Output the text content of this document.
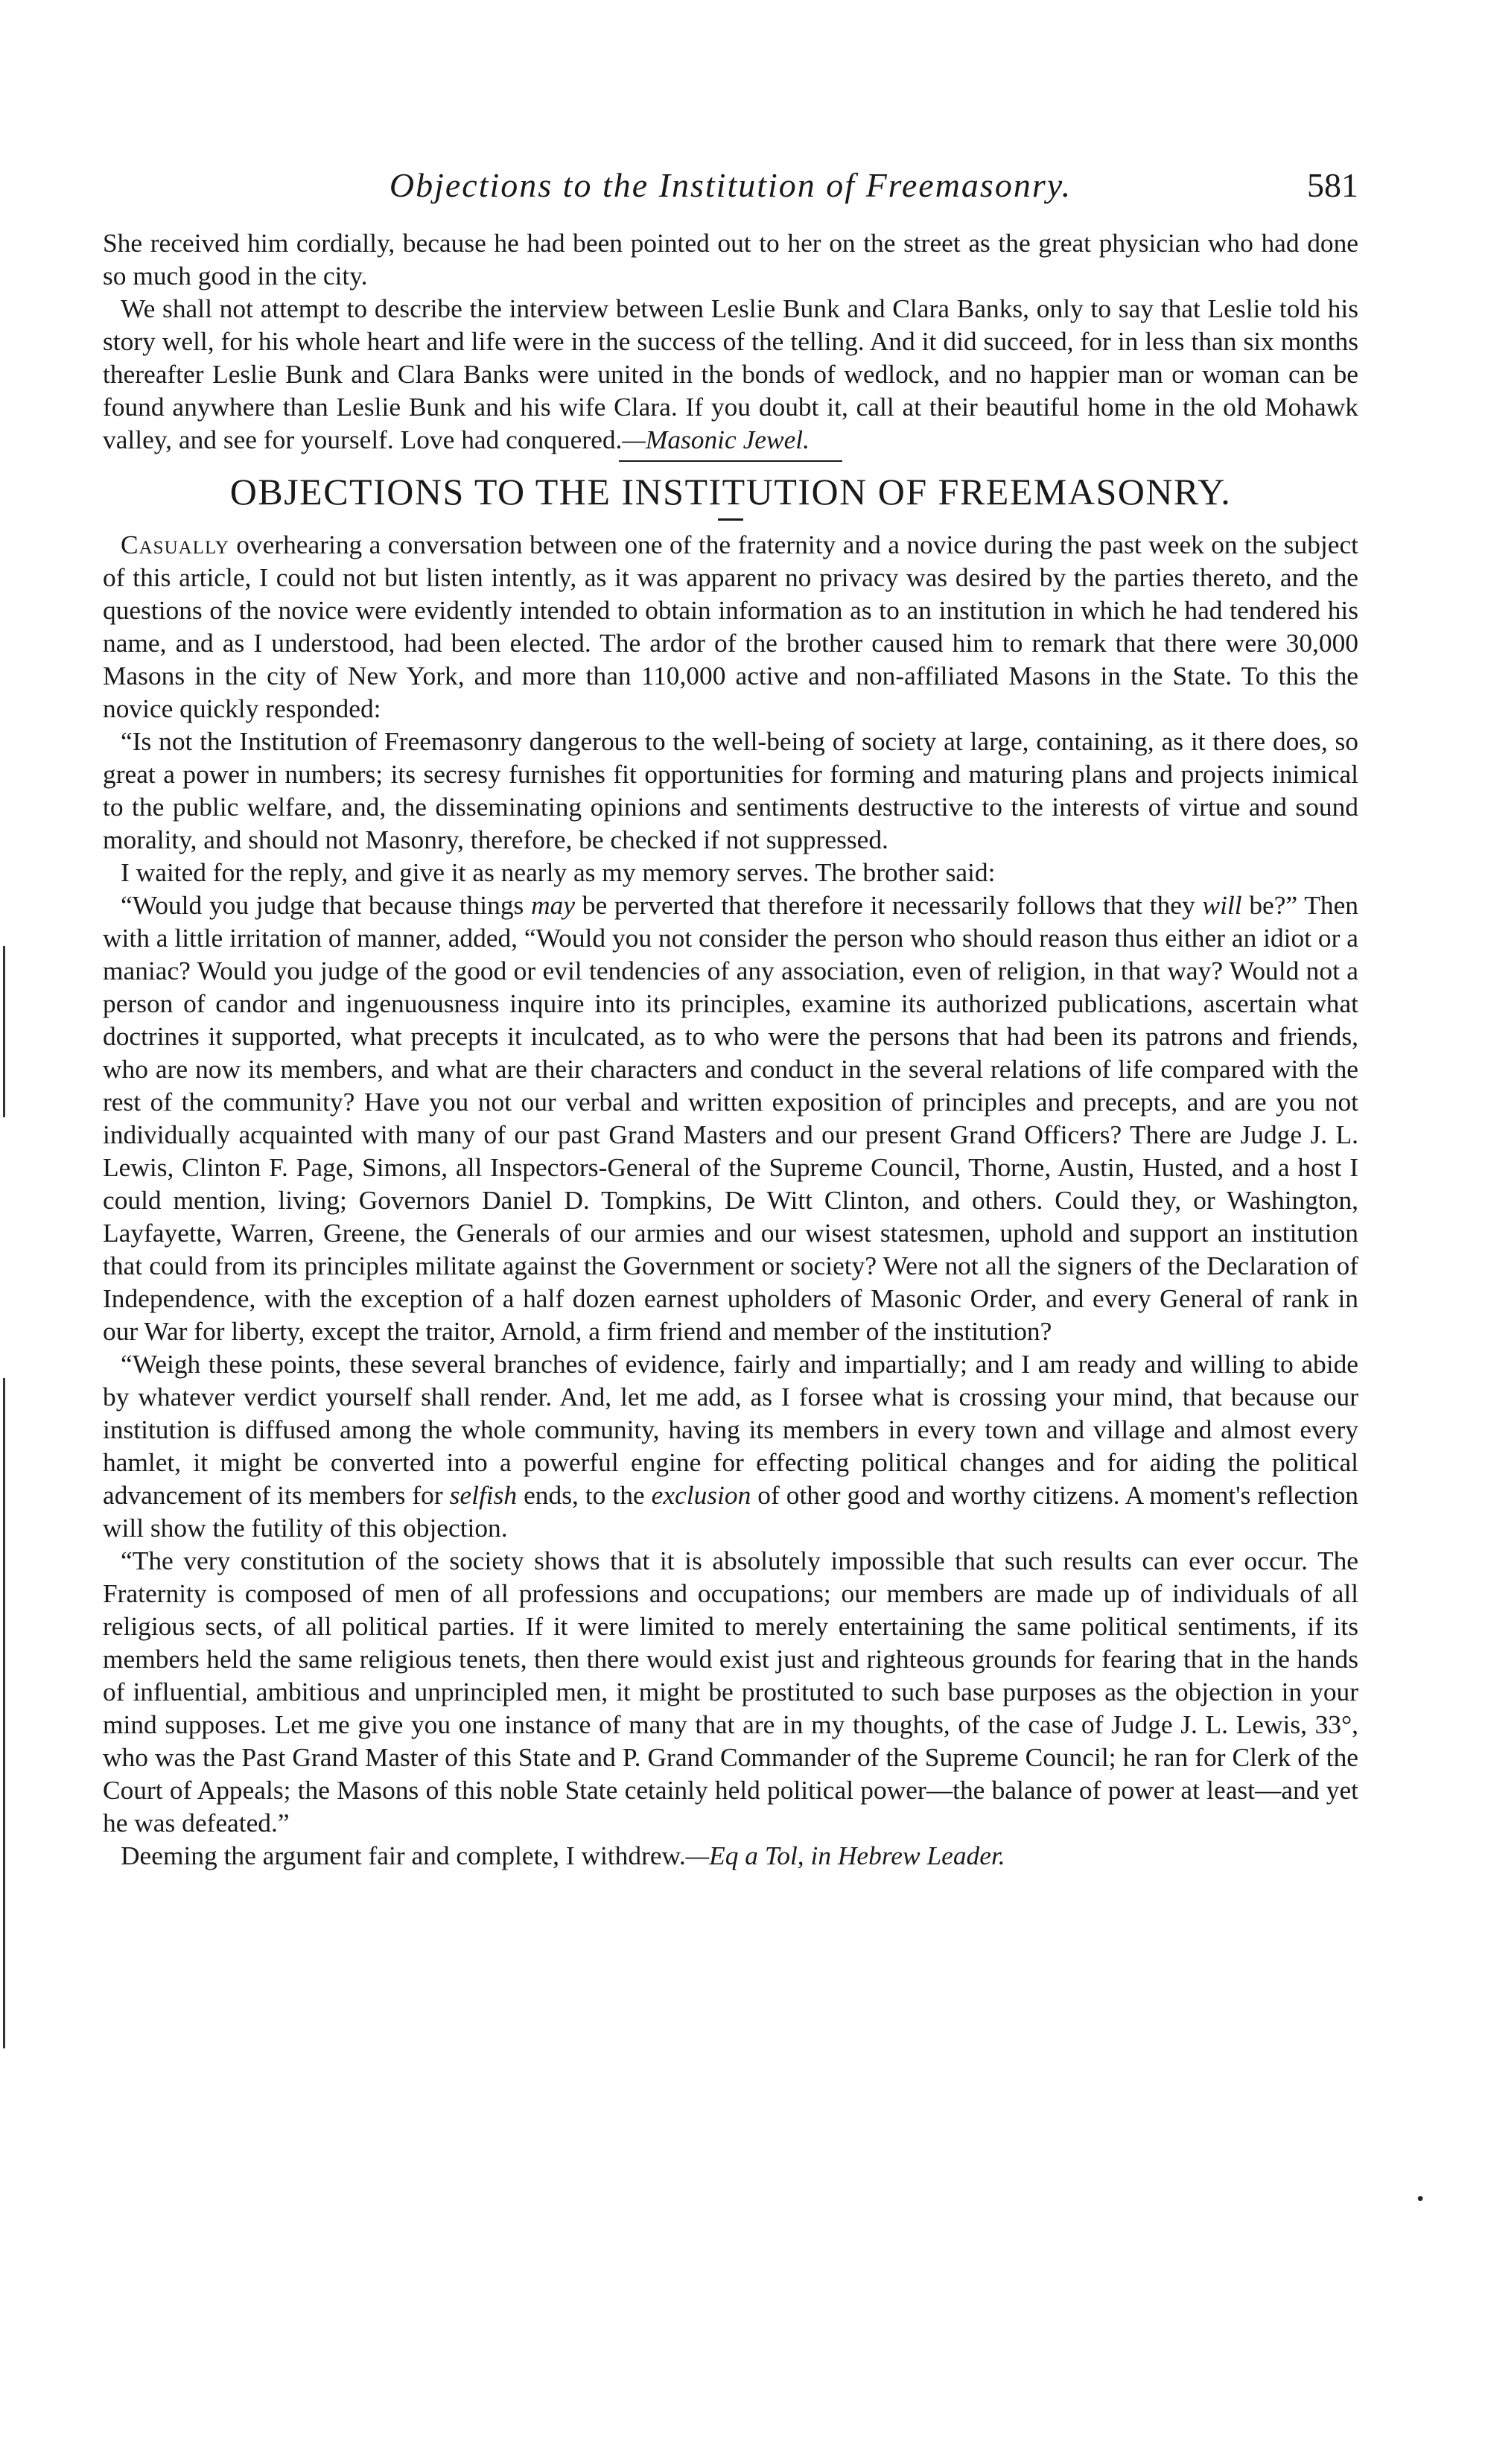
Objections to the Institution of Freemasonry.	581
•

She received him cordially, because he had been pointed out to her on the street as the great physician who had done so much good in the city.

We shall not attempt to describe the interview between Leslie Bunk and Clara Banks, only to say that Leslie told his story well, for his whole heart and life were in the success of the telling. And it did succeed, for in less than six months thereafter Leslie Bunk and Clara Banks were united in the bonds of wedlock, and no happier man or woman can be found anywhere than Leslie Bunk and his wife Clara. If you doubt it, call at their beautiful home in the old Mohawk valley, and see for yourself. Love had conquered.—Masonic Jewel.

OBJECTIONS TO THE INSTITUTION OF FREEMASONRY.

Casually overhearing a conversation between one of the fraternity and a novice during the past week on the subject of this article, I could not but listen intently, as it was apparent no privacy was desired by the parties thereto, and the questions of the novice were evidently intended to obtain information as to an institution in which he had tendered his name, and as I understood, had been elected. The ardor of the brother caused him to remark that there were 30,000 Masons in the city of New York, and more than 110,000 active and non-affiliated Masons in the State. To this the novice quickly responded:

“Is not the Institution of Freemasonry dangerous to the well-being of society at large, containing, as it there does, so great a power in numbers; its secresy furnishes fit opportunities for forming and maturing plans and projects inimical to the public welfare, and, the disseminating opinions and sentiments destructive to the interests of virtue and sound morality, and should not Masonry, therefore, be checked if not suppressed.

I waited for the reply, and give it as nearly as my memory serves. The brother said:

“Would you judge that because things may be perverted that therefore it necessarily follows that they will be?” Then with a little irritation of manner, added, “Would you not consider the person who should reason thus either an idiot or a maniac? Would you judge of the good or evil tendencies of any association, even of religion, in that way? Would not a person of candor and ingenuousness inquire into its principles, examine its authorized publications, ascertain what doctrines it supported, what precepts it inculcated, as to who were the persons that had been its patrons and friends, who are now its members, and what are their characters and conduct in the several relations of life compared with the rest of the community? Have you not our verbal and written exposition of principles and precepts, and are you not individually acquainted with many of our past Grand Masters and our present Grand Officers? There are Judge J. L. Lewis, Clinton F. Page, Simons, all Inspectors-General of the Supreme Council, Thorne, Austin, Husted, and a host I could mention, living; Governors Daniel D. Tompkins, De Witt Clinton, and others. Could they, or Washington, Layfayette, Warren, Greene, the Generals of our armies and our wisest statesmen, uphold and support an institution that could from its principles militate against the Government or society? Were not all the signers of the Declaration of Independence, with the exception of a half dozen earnest upholders of Masonic Order, and every General of rank in our War for liberty, except the traitor, Arnold, a firm friend and member of the institution?

“Weigh these points, these several branches of evidence, fairly and impartially; and I am ready and willing to abide by whatever verdict yourself shall render. And, let me add, as I forsee what is crossing your mind, that because our institution is diffused among the whole community, having its members in every town and village and almost every hamlet, it might be converted into a powerful engine for effecting political changes and for aiding the political advancement of its members for selfish ends, to the exclusion of other good and worthy citizens. A moment's reflection will show the futility of this objection.

“The very constitution of the society shows that it is absolutely impossible that such results can ever occur. The Fraternity is composed of men of all professions and occupations; our members are made up of individuals of all religious sects, of all political parties. If it were limited to merely entertaining the same political sentiments, if its members held the same religious tenets, then there would exist just and righteous grounds for fearing that in the hands of influential, ambitious and unprincipled men, it might be prostituted to such base purposes as the objection in your mind supposes. Let me give you one instance of many that are in my thoughts, of the case of Judge J. L. Lewis, 33°, who was the Past Grand Master of this State and P. Grand Commander of the Supreme Council; he ran for Clerk of the Court of Appeals; the Masons of this noble State cetainly held political power—the balance of power at least—and yet he was defeated.”

Deeming the argument fair and complete, I withdrew.—Eq a Tol, in Hebrew Leader.
